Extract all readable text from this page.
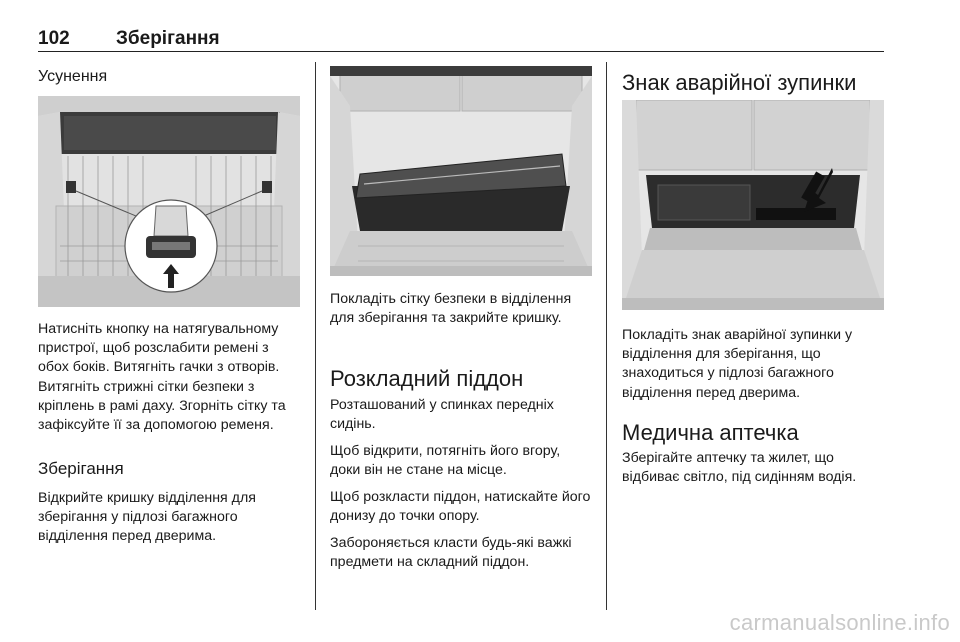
102 Зберігання
Усунення

Натисніть кнопку на натягувальному пристрої, щоб розслабити ремені з обох боків. Витягніть гачки з отворів. Витягніть стрижні сітки безпеки з кріплень в рамі даху. Згорніть сітку та зафіксуйте її за допомогою ременя.

Зберігання

Відкрийте кришку відділення для зберігання у підлозі багажного відділення перед дверима.

Покладіть сітку безпеки в відділення для зберігання та закрийте кришку.

Розкладний піддон

Розташований у спинках передніх сидінь.

Щоб відкрити, потягніть його вгору, доки він не стане на місце.

Щоб розкласти піддон, натискайте його донизу до точки опору.

Забороняється класти будь-які важкі предмети на складний піддон.

Знак аварійної зупинки

Покладіть знак аварійної зупинки у відділення для зберігання, що знаходиться у підлозі багажного відділення перед дверима.

Медична аптечка

Зберігайте аптечку та жилет, що відбиває світло, під сидінням водія.

carmanualsonline.info
